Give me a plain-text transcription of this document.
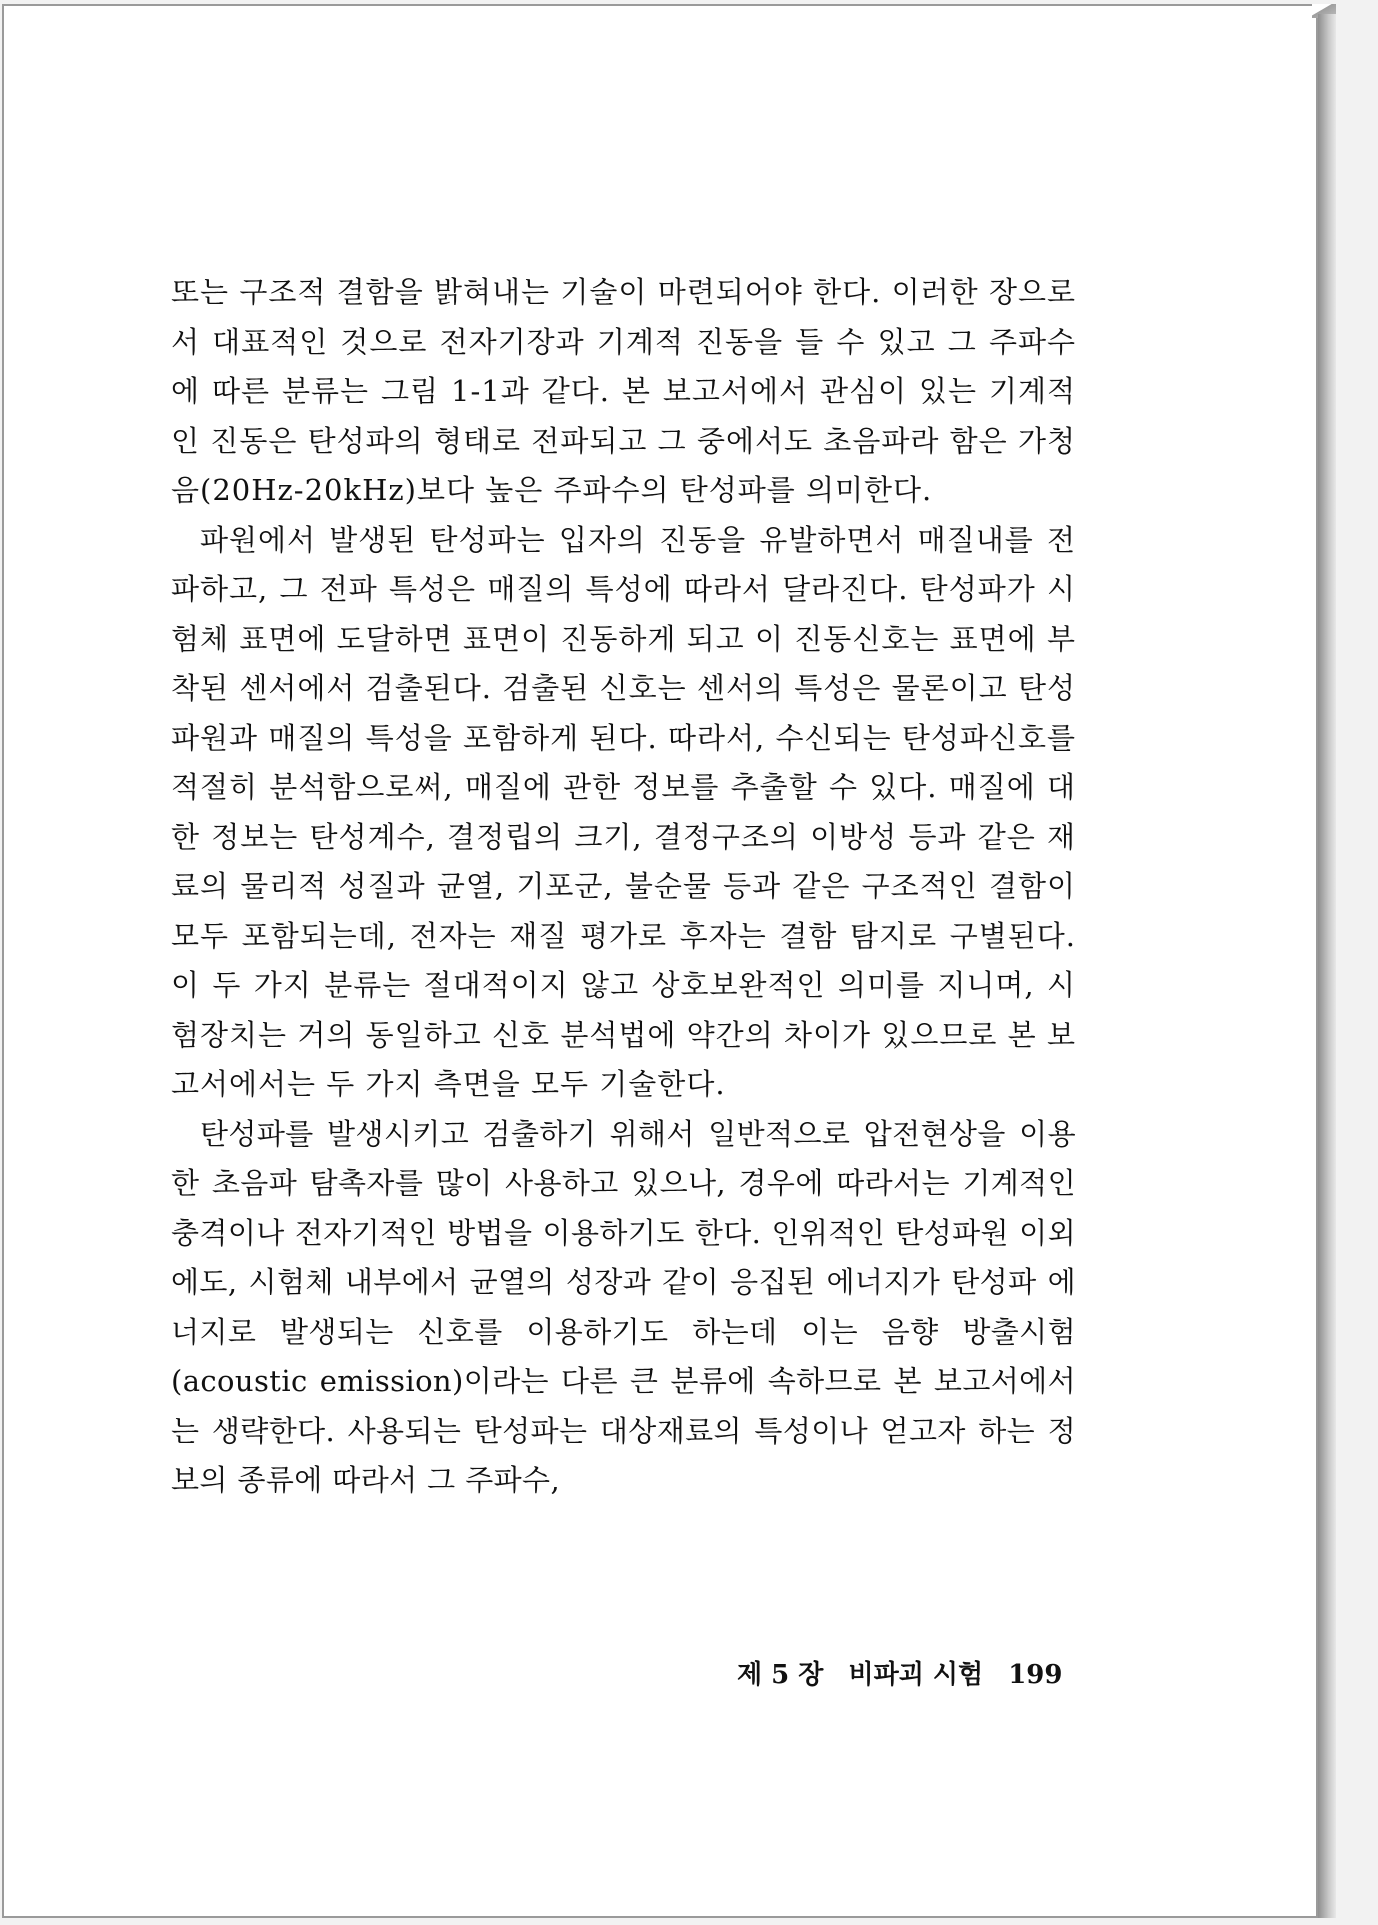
또는 구조적 결함을 밝혀내는 기술이 마련되어야 한다. 이러한 장으로서 대표적인 것으로 전자기장과 기계적 진동을 들 수 있고 그 주파수에 따른 분류는 그림 1-1과 같다. 본 보고서에서 관심이 있는 기계적인 진동은 탄성파의 형태로 전파되고 그 중에서도 초음파라 함은 가청음(20Hz-20kHz)보다 높은 주파수의 탄성파를 의미한다.

파원에서 발생된 탄성파는 입자의 진동을 유발하면서 매질내를 전파하고, 그 전파 특성은 매질의 특성에 따라서 달라진다. 탄성파가 시험체 표면에 도달하면 표면이 진동하게 되고 이 진동신호는 표면에 부착된 센서에서 검출된다. 검출된 신호는 센서의 특성은 물론이고 탄성파원과 매질의 특성을 포함하게 된다. 따라서, 수신되는 탄성파신호를 적절히 분석함으로써, 매질에 관한 정보를 추출할 수 있다. 매질에 대한 정보는 탄성계수, 결정립의 크기, 결정구조의 이방성 등과 같은 재료의 물리적 성질과 균열, 기포군, 불순물 등과 같은 구조적인 결함이 모두 포함되는데, 전자는 재질 평가로 후자는 결함 탐지로 구별된다. 이 두 가지 분류는 절대적이지 않고 상호보완적인 의미를 지니며, 시험장치는 거의 동일하고 신호 분석법에 약간의 차이가 있으므로 본 보고서에서는 두 가지 측면을 모두 기술한다.

탄성파를 발생시키고 검출하기 위해서 일반적으로 압전현상을 이용한 초음파 탐촉자를 많이 사용하고 있으나, 경우에 따라서는 기계적인 충격이나 전자기적인 방법을 이용하기도 한다. 인위적인 탄성파원 이외에도, 시험체 내부에서 균열의 성장과 같이 응집된 에너지가 탄성파 에너지로 발생되는 신호를 이용하기도 하는데 이는 음향 방출시험(acoustic emission)이라는 다른 큰 분류에 속하므로 본 보고서에서는 생략한다. 사용되는 탄성파는 대상재료의 특성이나 얻고자 하는 정보의 종류에 따라서 그 주파수,

제 5 장 비파괴 시험 199
